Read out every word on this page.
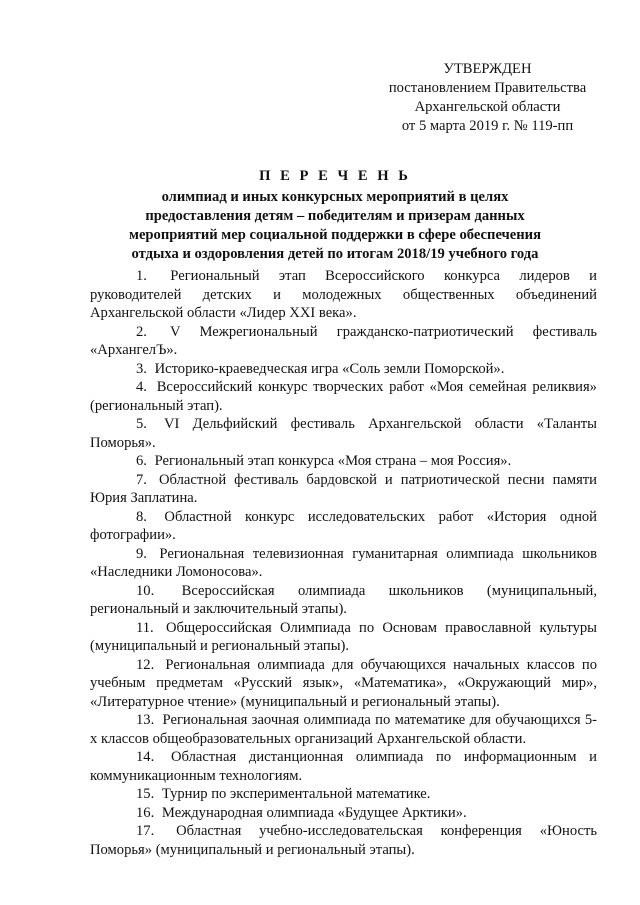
УТВЕРЖДЕН
постановлением Правительства
Архангельской области
от 5 марта 2019 г. № 119-пп
П Е Р Е Ч Е Н Ь
олимпиад и иных конкурсных мероприятий в целях
предоставления детям – победителям и призерам данных
мероприятий мер социальной поддержки в сфере обеспечения
отдыха и оздоровления детей по итогам 2018/19 учебного года

1. Региональный этап Всероссийского конкурса лидеров и руководителей детских и молодежных общественных объединений Архангельской области «Лидер XXI века».

2. V Межрегиональный гражданско-патриотический фестиваль «АрхангелЪ».

3. Историко-краеведческая игра «Соль земли Поморской».

4. Всероссийский конкурс творческих работ «Моя семейная реликвия» (региональный этап).

5. VI Дельфийский фестиваль Архангельской области «Таланты Поморья».

6. Региональный этап конкурса «Моя страна – моя Россия».

7. Областной фестиваль бардовской и патриотической песни памяти Юрия Заплатина.

8. Областной конкурс исследовательских работ «История одной фотографии».

9. Региональная телевизионная гуманитарная олимпиада школьников «Наследники Ломоносова».

10. Всероссийская олимпиада школьников (муниципальный, региональный и заключительный этапы).

11. Общероссийская Олимпиада по Основам православной культуры (муниципальный и региональный этапы).

12. Региональная олимпиада для обучающихся начальных классов по учебным предметам «Русский язык», «Математика», «Окружающий мир», «Литературное чтение» (муниципальный и региональный этапы).

13. Региональная заочная олимпиада по математике для обучающихся 5-х классов общеобразовательных организаций Архангельской области.

14. Областная дистанционная олимпиада по информационным и коммуникационным технологиям.

15. Турнир по экспериментальной математике.

16. Международная олимпиада «Будущее Арктики».

17. Областная учебно-исследовательская конференция «Юность Поморья» (муниципальный и региональный этапы).
